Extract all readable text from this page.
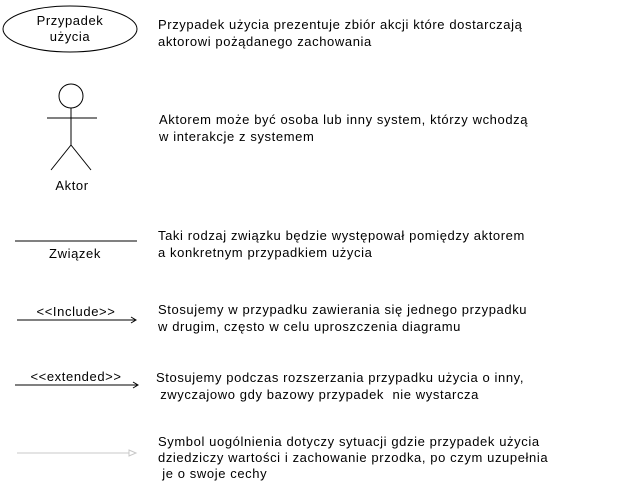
Przypadek
użycia

Przypadek użycia prezentuje zbiór akcji które dostarczają
aktorowi pożądanego zachowania

Aktor

Aktorem może być osoba lub inny system, którzy wchodzą
w interakcje z systemem

Związek

Taki rodzaj związku będzie występował pomiędzy aktorem
a konkretnym przypadkiem użycia

<<Include>>	Stosujemy w przypadku zawierania się jednego przypadku
w drugim, często w celu uproszczenia diagramu

<<extended>>	Stosujemy podczas rozszerzania przypadku użycia o inny,
zwyczajowo gdy bazowy przypadek  nie wystarcza

Symbol uogólnienia dotyczy sytuacji gdzie przypadek użycia
dziedziczy wartości i zachowanie przodka, po czym uzupełnia
je o swoje cechy
